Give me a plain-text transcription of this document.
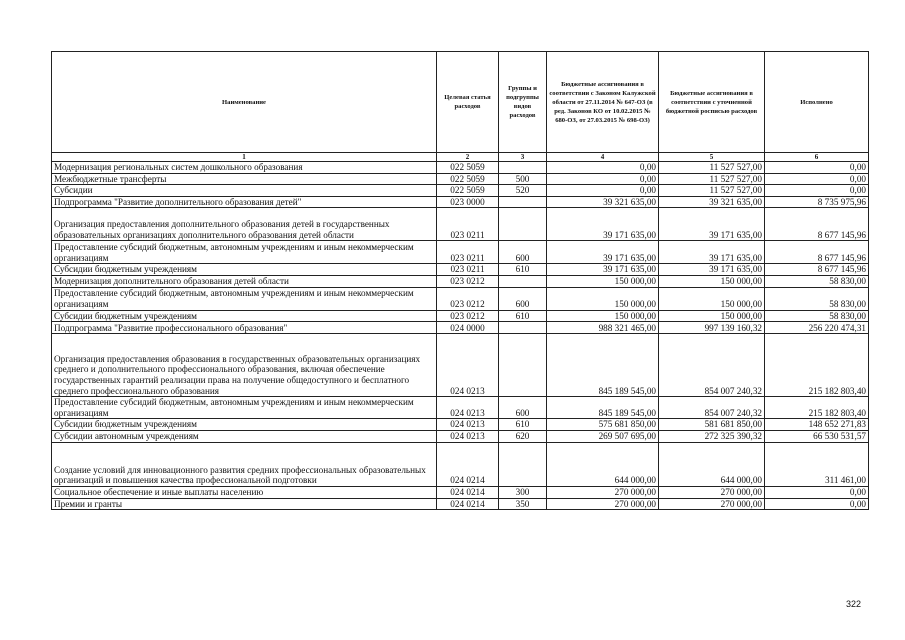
Наименование	Целевая статья расходов	Группы и подгруппы видов расходов	Бюджетные ассигнования в соответствии с Законом Калужской области от 27.11.2014 № 647-ОЗ (в ред. Законов КО от 10.02.2015 № 680-ОЗ, от 27.03.2015 № 698-ОЗ)	Бюджетные ассигнования в соответствии с уточненной бюджетной росписью расходов	Исполнено
1	2	3	4	5	6
Модернизация региональных систем дошкольного образования	022 5059		0,00	11 527 527,00	0,00
Межбюджетные трансферты	022 5059	500	0,00	11 527 527,00	0,00
Субсидии	022 5059	520	0,00	11 527 527,00	0,00
Подпрограмма "Развитие дополнительного образования детей"	023 0000		39 321 635,00	39 321 635,00	8 735 975,96
Организация предоставления дополнительного образования детей в государственных образовательных организациях дополнительного образования детей области	023 0211		39 171 635,00	39 171 635,00	8 677 145,96
Предоставление субсидий бюджетным, автономным учреждениям и иным некоммерческим организациям	023 0211	600	39 171 635,00	39 171 635,00	8 677 145,96
Субсидии бюджетным учреждениям	023 0211	610	39 171 635,00	39 171 635,00	8 677 145,96
Модернизация дополнительного образования детей области	023 0212		150 000,00	150 000,00	58 830,00
Предоставление субсидий бюджетным, автономным учреждениям и иным некоммерческим организациям	023 0212	600	150 000,00	150 000,00	58 830,00
Субсидии бюджетным учреждениям	023 0212	610	150 000,00	150 000,00	58 830,00
Подпрограмма "Развитие профессионального образования"	024 0000		988 321 465,00	997 139 160,32	256 220 474,31
Организация предоставления образования в государственных образовательных организациях среднего и дополнительного профессионального образования, включая обеспечение государственных гарантий реализации права на получение общедоступного и бесплатного среднего профессионального образования	024 0213		845 189 545,00	854 007 240,32	215 182 803,40
Предоставление субсидий бюджетным, автономным учреждениям и иным некоммерческим организациям	024 0213	600	845 189 545,00	854 007 240,32	215 182 803,40
Субсидии бюджетным учреждениям	024 0213	610	575 681 850,00	581 681 850,00	148 652 271,83
Субсидии автономным учреждениям	024 0213	620	269 507 695,00	272 325 390,32	66 530 531,57
Создание условий для инновационного развития средних профессиональных образовательных организаций и повышения качества профессиональной подготовки	024 0214		644 000,00	644 000,00	311 461,00
Социальное обеспечение и иные выплаты населению	024 0214	300	270 000,00	270 000,00	0,00
Премии и гранты	024 0214	350	270 000,00	270 000,00	0,00
322
